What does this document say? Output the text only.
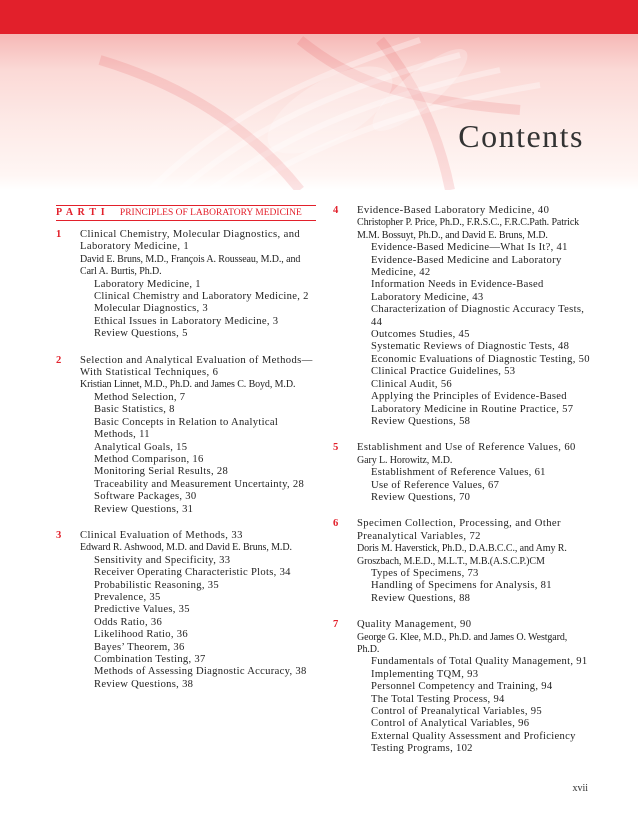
Contents
P A R T I PRINCIPLES OF LABORATORY MEDICINE
1 Clinical Chemistry, Molecular Diagnostics, and Laboratory Medicine, 1
David E. Bruns, M.D., François A. Rousseau, M.D., and Carl A. Burtis, Ph.D.
Laboratory Medicine, 1
Clinical Chemistry and Laboratory Medicine, 2
Molecular Diagnostics, 3
Ethical Issues in Laboratory Medicine, 3
Review Questions, 5
2 Selection and Analytical Evaluation of Methods—With Statistical Techniques, 6
Kristian Linnet, M.D., Ph.D. and James C. Boyd, M.D.
Method Selection, 7
Basic Statistics, 8
Basic Concepts in Relation to Analytical Methods, 11
Analytical Goals, 15
Method Comparison, 16
Monitoring Serial Results, 28
Traceability and Measurement Uncertainty, 28
Software Packages, 30
Review Questions, 31
3 Clinical Evaluation of Methods, 33
Edward R. Ashwood, M.D. and David E. Bruns, M.D.
Sensitivity and Specificity, 33
Receiver Operating Characteristic Plots, 34
Probabilistic Reasoning, 35
Prevalence, 35
Predictive Values, 35
Odds Ratio, 36
Likelihood Ratio, 36
Bayes’ Theorem, 36
Combination Testing, 37
Methods of Assessing Diagnostic Accuracy, 38
Review Questions, 38
4 Evidence-Based Laboratory Medicine, 40
Christopher P. Price, Ph.D., F.R.S.C., F.R.C.Path. Patrick M.M. Bossuyt, Ph.D., and David E. Bruns, M.D.
Evidence-Based Medicine—What Is It?, 41
Evidence-Based Medicine and Laboratory Medicine, 42
Information Needs in Evidence-Based Laboratory Medicine, 43
Characterization of Diagnostic Accuracy Tests, 44
Outcomes Studies, 45
Systematic Reviews of Diagnostic Tests, 48
Economic Evaluations of Diagnostic Testing, 50
Clinical Practice Guidelines, 53
Clinical Audit, 56
Applying the Principles of Evidence-Based Laboratory Medicine in Routine Practice, 57
Review Questions, 58
5 Establishment and Use of Reference Values, 60
Gary L. Horowitz, M.D.
Establishment of Reference Values, 61
Use of Reference Values, 67
Review Questions, 70
6 Specimen Collection, Processing, and Other Preanalytical Variables, 72
Doris M. Haverstick, Ph.D., D.A.B.C.C., and Amy R. Groszbach, M.E.D., M.L.T., M.B.(A.S.C.P.)CM
Types of Specimens, 73
Handling of Specimens for Analysis, 81
Review Questions, 88
7 Quality Management, 90
George G. Klee, M.D., Ph.D. and James O. Westgard, Ph.D.
Fundamentals of Total Quality Management, 91
Implementing TQM, 93
Personnel Competency and Training, 94
The Total Testing Process, 94
Control of Preanalytical Variables, 95
Control of Analytical Variables, 96
External Quality Assessment and Proficiency Testing Programs, 102
xvii
